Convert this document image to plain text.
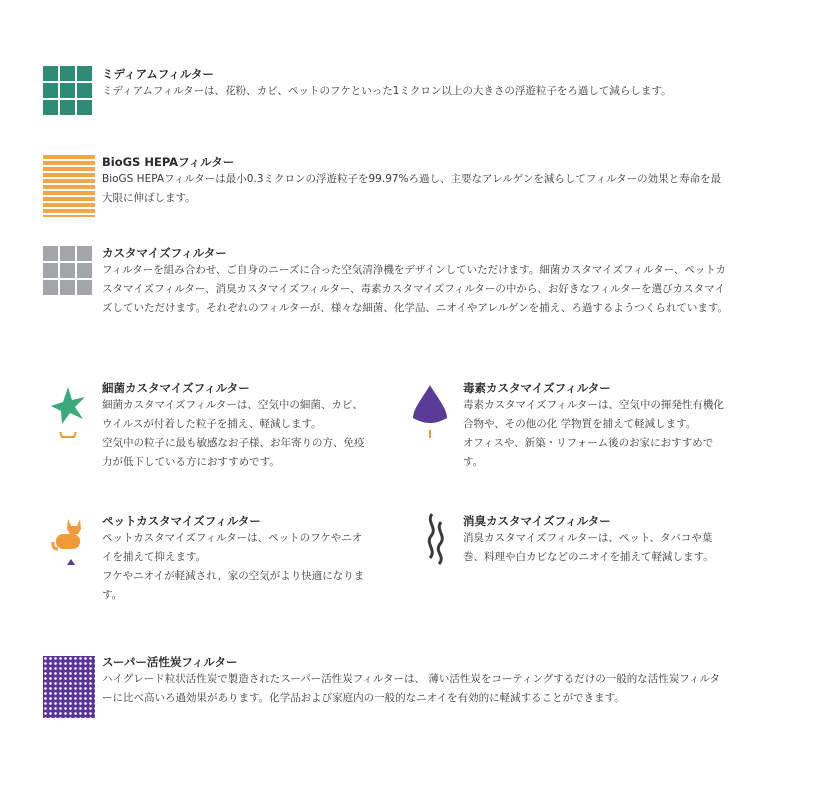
ミディアムフィルター
ミディアムフィルターは、花粉、カビ、ペットのフケといった1ミクロン以上の大きさの浮遊粒子をろ過して減らします。
BioGS HEPAフィルター
BioGS HEPAフィルターは最小0.3ミクロンの浮遊粒子を99.97%ろ過し、主要なアレルゲンを減らしてフィルターの効果と寿命を最
大限に伸ばします。
カスタマイズフィルター
フィルターを組み合わせ、ご自身のニーズに合った空気清浄機をデザインしていただけます。細菌カスタマイズフィルター、ペットカ
スタマイズフィルター、消臭カスタマイズフィルター、毒素カスタマイズフィルターの中から、お好きなフィルターを選びカスタマイ
ズしていただけます。それぞれのフィルターが、様々な細菌、化学品、ニオイやアレルゲンを捕え、ろ過するようつくられています。
細菌カスタマイズフィルター
細菌カスタマイズフィルターは、空気中の細菌、カビ、
ウイルスが付着した粒子を捕え、軽減します。
空気中の粒子に最も敏感なお子様、お年寄りの方、免疫
力が低下している方におすすめです。
毒素カスタマイズフィルター
毒素カスタマイズフィルターは、空気中の揮発性有機化
合物や、その他の化 学物質を捕えて軽減します。
オフィスや、新築・リフォーム後のお家におすすめで
す。
ペットカスタマイズフィルター
ペットカスタマイズフィルターは、ペットのフケやニオ
イを捕えて抑えます。
フケやニオイが軽減され、家の空気がより快適になりま
す。
消臭カスタマイズフィルター
消臭カスタマイズフィルターは、ペット、タバコや葉
巻、料理や白カビなどのニオイを捕えて軽減します。
スーパー活性炭フィルター
ハイグレード粒状活性炭で製造されたスーパー活性炭フィルターは、 薄い活性炭をコーティングするだけの一般的な活性炭フィルタ
ーに比べ高いろ過効果があります。化学品および家庭内の一般的なニオイを有効的に軽減することができます。
